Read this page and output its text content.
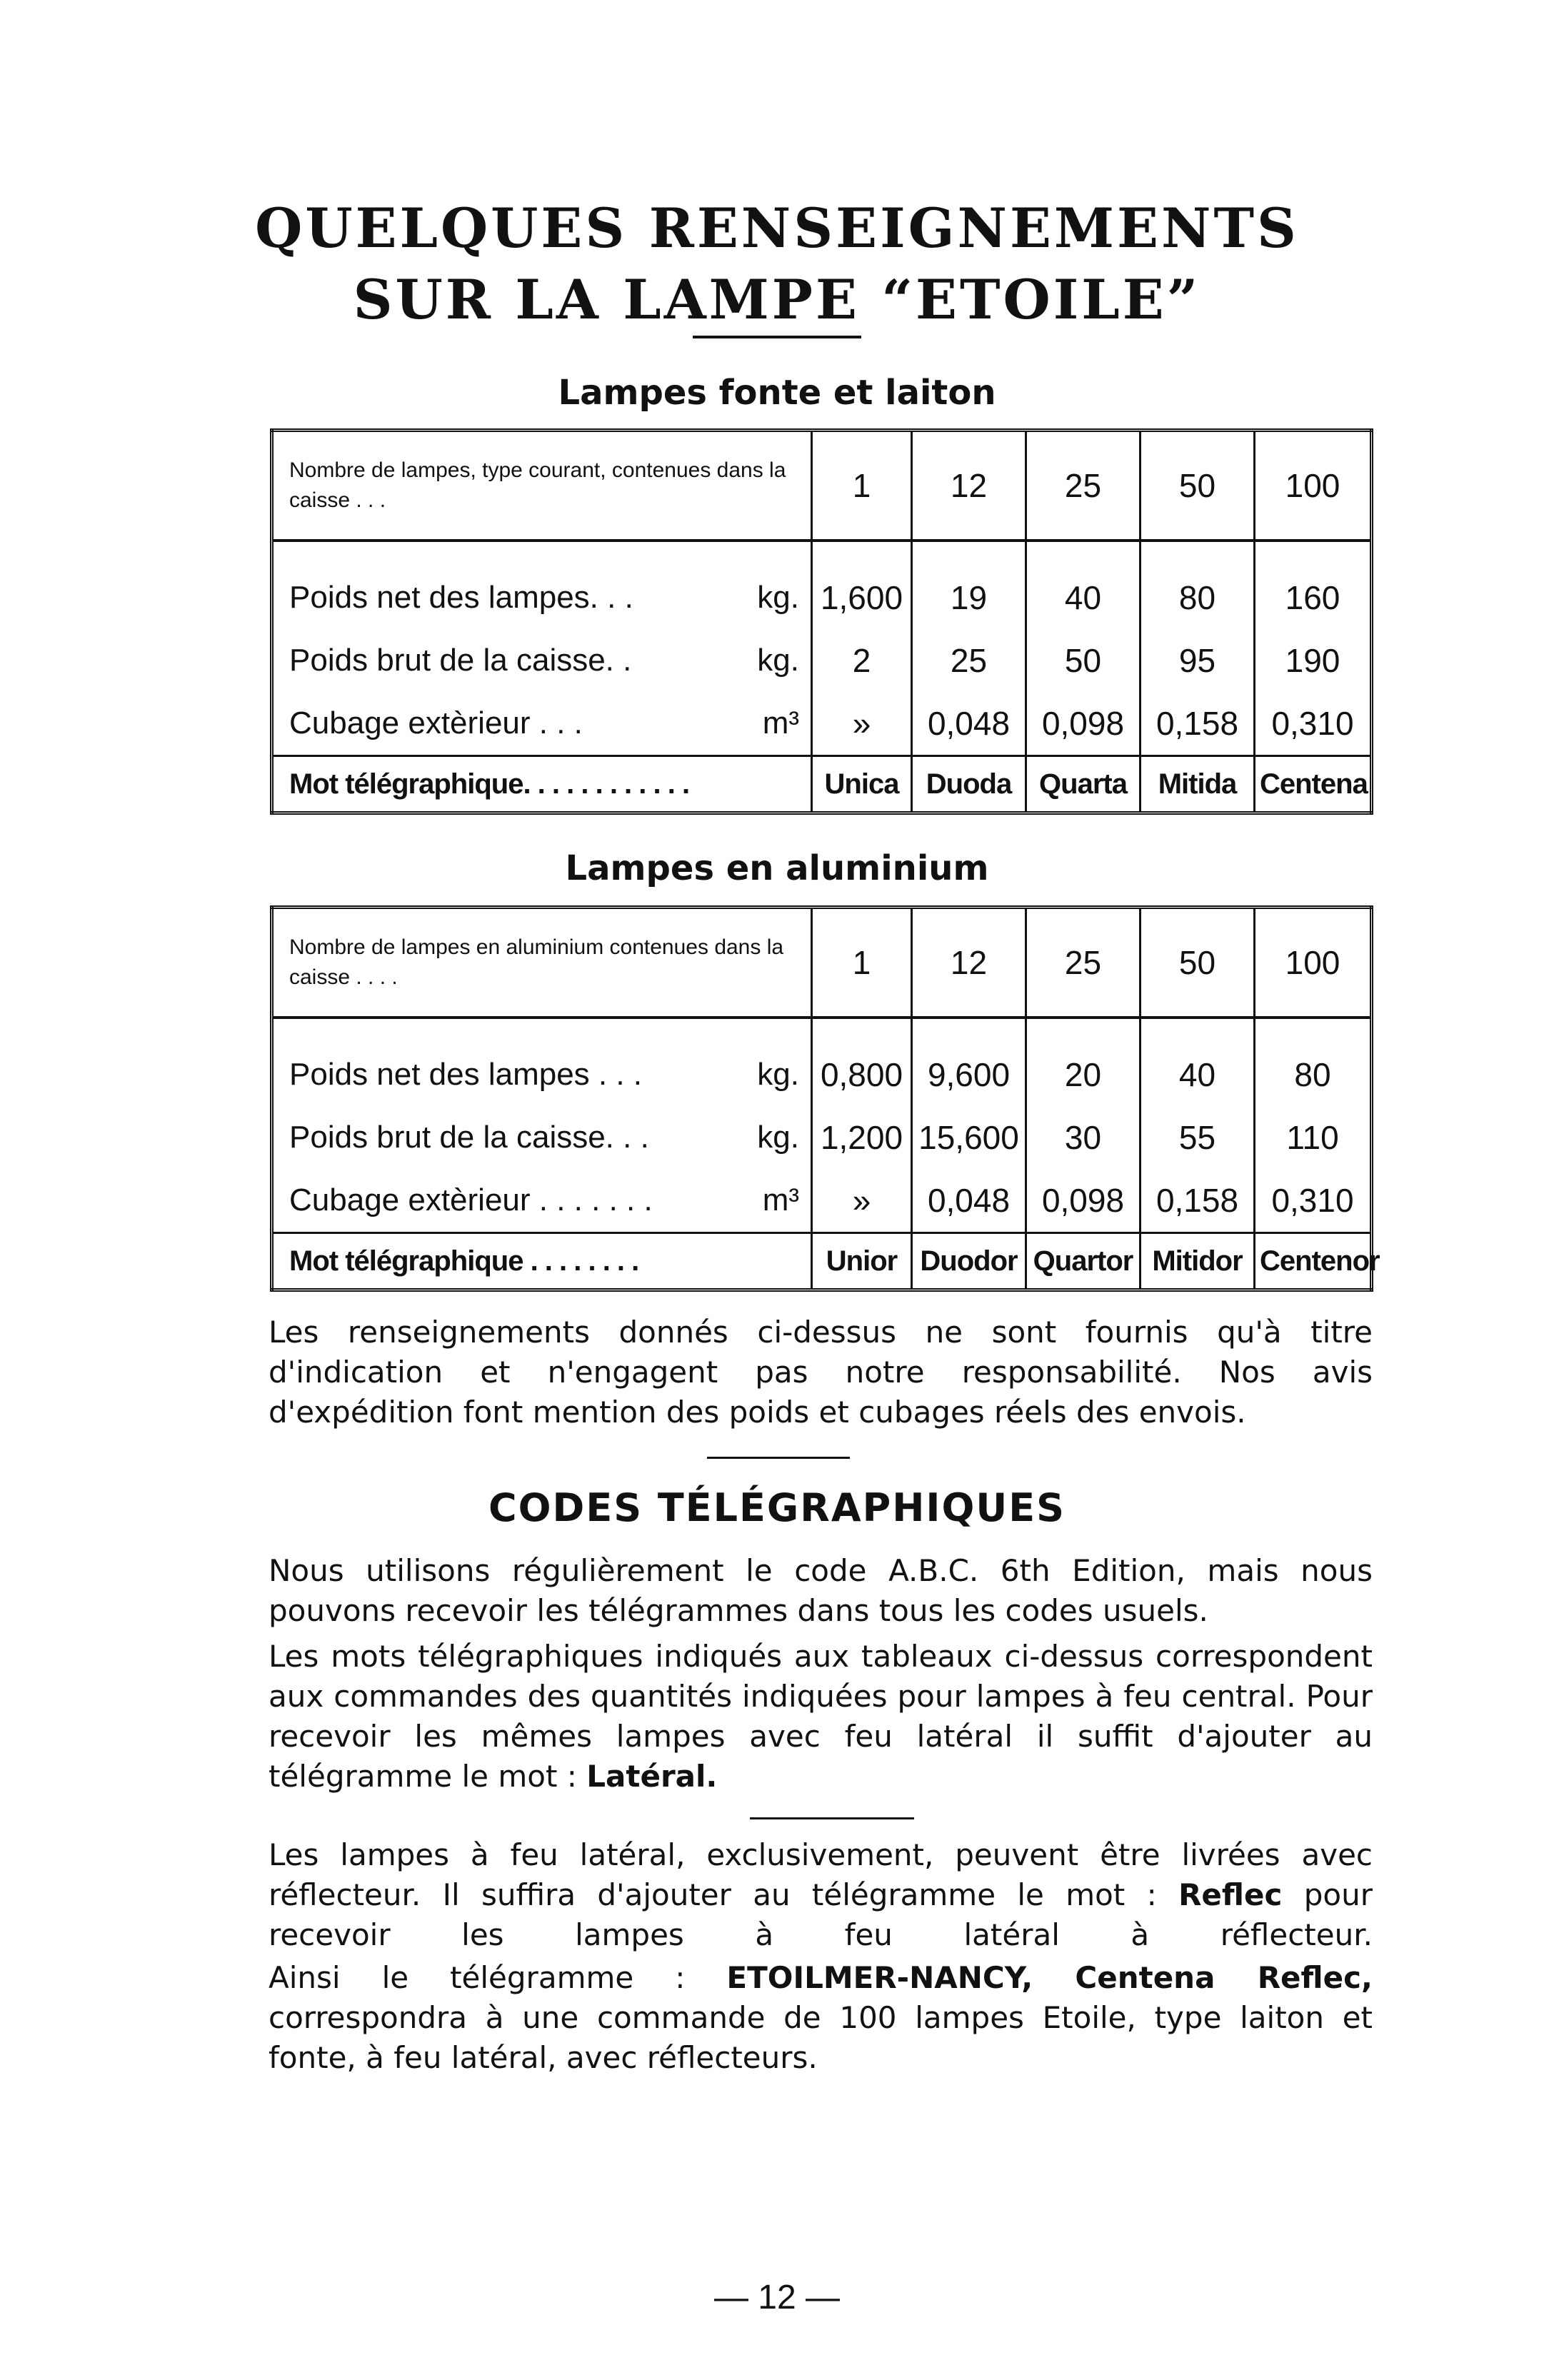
QUELQUES RENSEIGNEMENTS

SUR LA LAMPE “ETOILE”

Lampes fonte et laiton

Nombre de lampes, type courant, contenues dans la caisse . . .	1	12	25	50	100

Poids net des lampes. . . kg.	1,600	19	40	80	160

Poids brut de la caisse. . kg.	2	25	50	95	190

Cubage extèrieur . . . m³	»	0,048	0,098	0,158	0,310
Mot télégraphique. . . . . . . . . . . .	Unica	Duoda	Quarta	Mitida	Centena

Lampes en aluminium

Nombre de lampes en aluminium contenues dans la caisse . . . .	1	12	25	50	100

Poids net des lampes . . . kg.	0,800	9,600	20	40	80

Poids brut de la caisse. . . kg.	1,200	15,600	30	55	110

Cubage extèrieur . . . . . . . m³	»	0,048	0,098	0,158	0,310
Mot télégraphique . . . . . . . .	Unior	Duodor	Quartor	Mitidor	Centenor

Les renseignements donnés ci-dessus ne sont fournis qu'à titre d'indication et n'engagent pas notre responsabilité. Nos avis d'expédition font mention des poids et cubages réels des envois.

CODES TÉLÉGRAPHIQUES

Nous utilisons régulièrement le code A.B.C. 6th Edition, mais nous pouvons recevoir les télégrammes dans tous les codes usuels.

Les mots télégraphiques indiqués aux tableaux ci-dessus correspondent aux commandes des quantités indiquées pour lampes à feu central. Pour recevoir les mêmes lampes avec feu latéral il suffit d'ajouter au télégramme le mot : Latéral.

Les lampes à feu latéral, exclusivement, peuvent être livrées avec réflecteur. Il suffira d'ajouter au télégramme le mot : Reflec pour recevoir les lampes à feu latéral à réflecteur.

— 12 —

Ainsi le télégramme : ETOILMER-NANCY, Centena Reflec, correspondra à une commande de 100 lampes Etoile, type laiton et fonte, à feu latéral, avec réflecteurs.
